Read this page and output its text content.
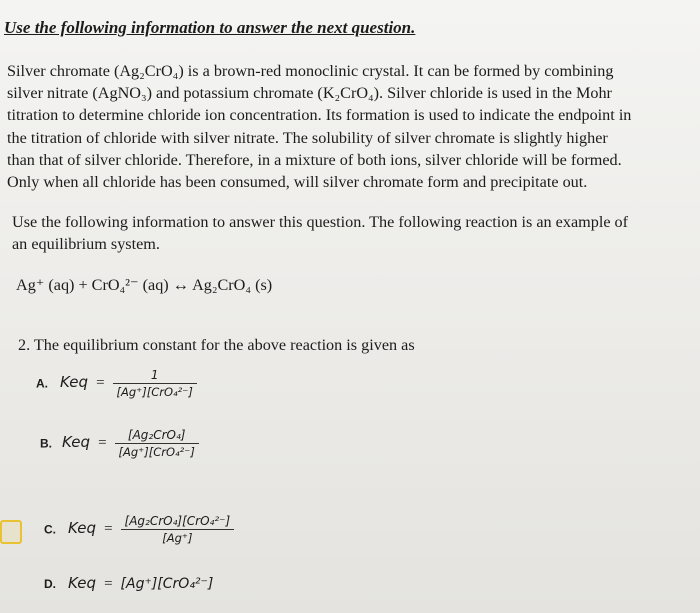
Use the following information to answer the next question.
Silver chromate (Ag₂CrO₄) is a brown-red monoclinic crystal. It can be formed by combining
silver nitrate (AgNO₃) and potassium chromate (K₂CrO₄). Silver chloride is used in the Mohr
titration to determine chloride ion concentration. Its formation is used to indicate the endpoint in
the titration of chloride with silver nitrate. The solubility of silver chromate is slightly higher
than that of silver chloride. Therefore, in a mixture of both ions, silver chloride will be formed.
Only when all chloride has been consumed, will silver chromate form and precipitate out.
Use the following information to answer this question. The following reaction is an example of
an equilibrium system.
Ag⁺ (aq) + CrO₄²⁻ (aq) ↔ Ag₂CrO₄ (s)
2. The equilibrium constant for the above reaction is given as
A. Keq = $\frac{1}{\text{[Ag⁺][CrO₄²⁻]}}$
B. Keq = $\frac{\text{[Ag₂CrO₄]}}{\text{[Ag⁺][CrO₄²⁻]}}$
C. Keq = $\frac{\text{[Ag₂CrO₄][CrO₄²⁻]}}{[Ag^+]}$
D. Keq = [Ag⁺][CrO₄²⁻]
